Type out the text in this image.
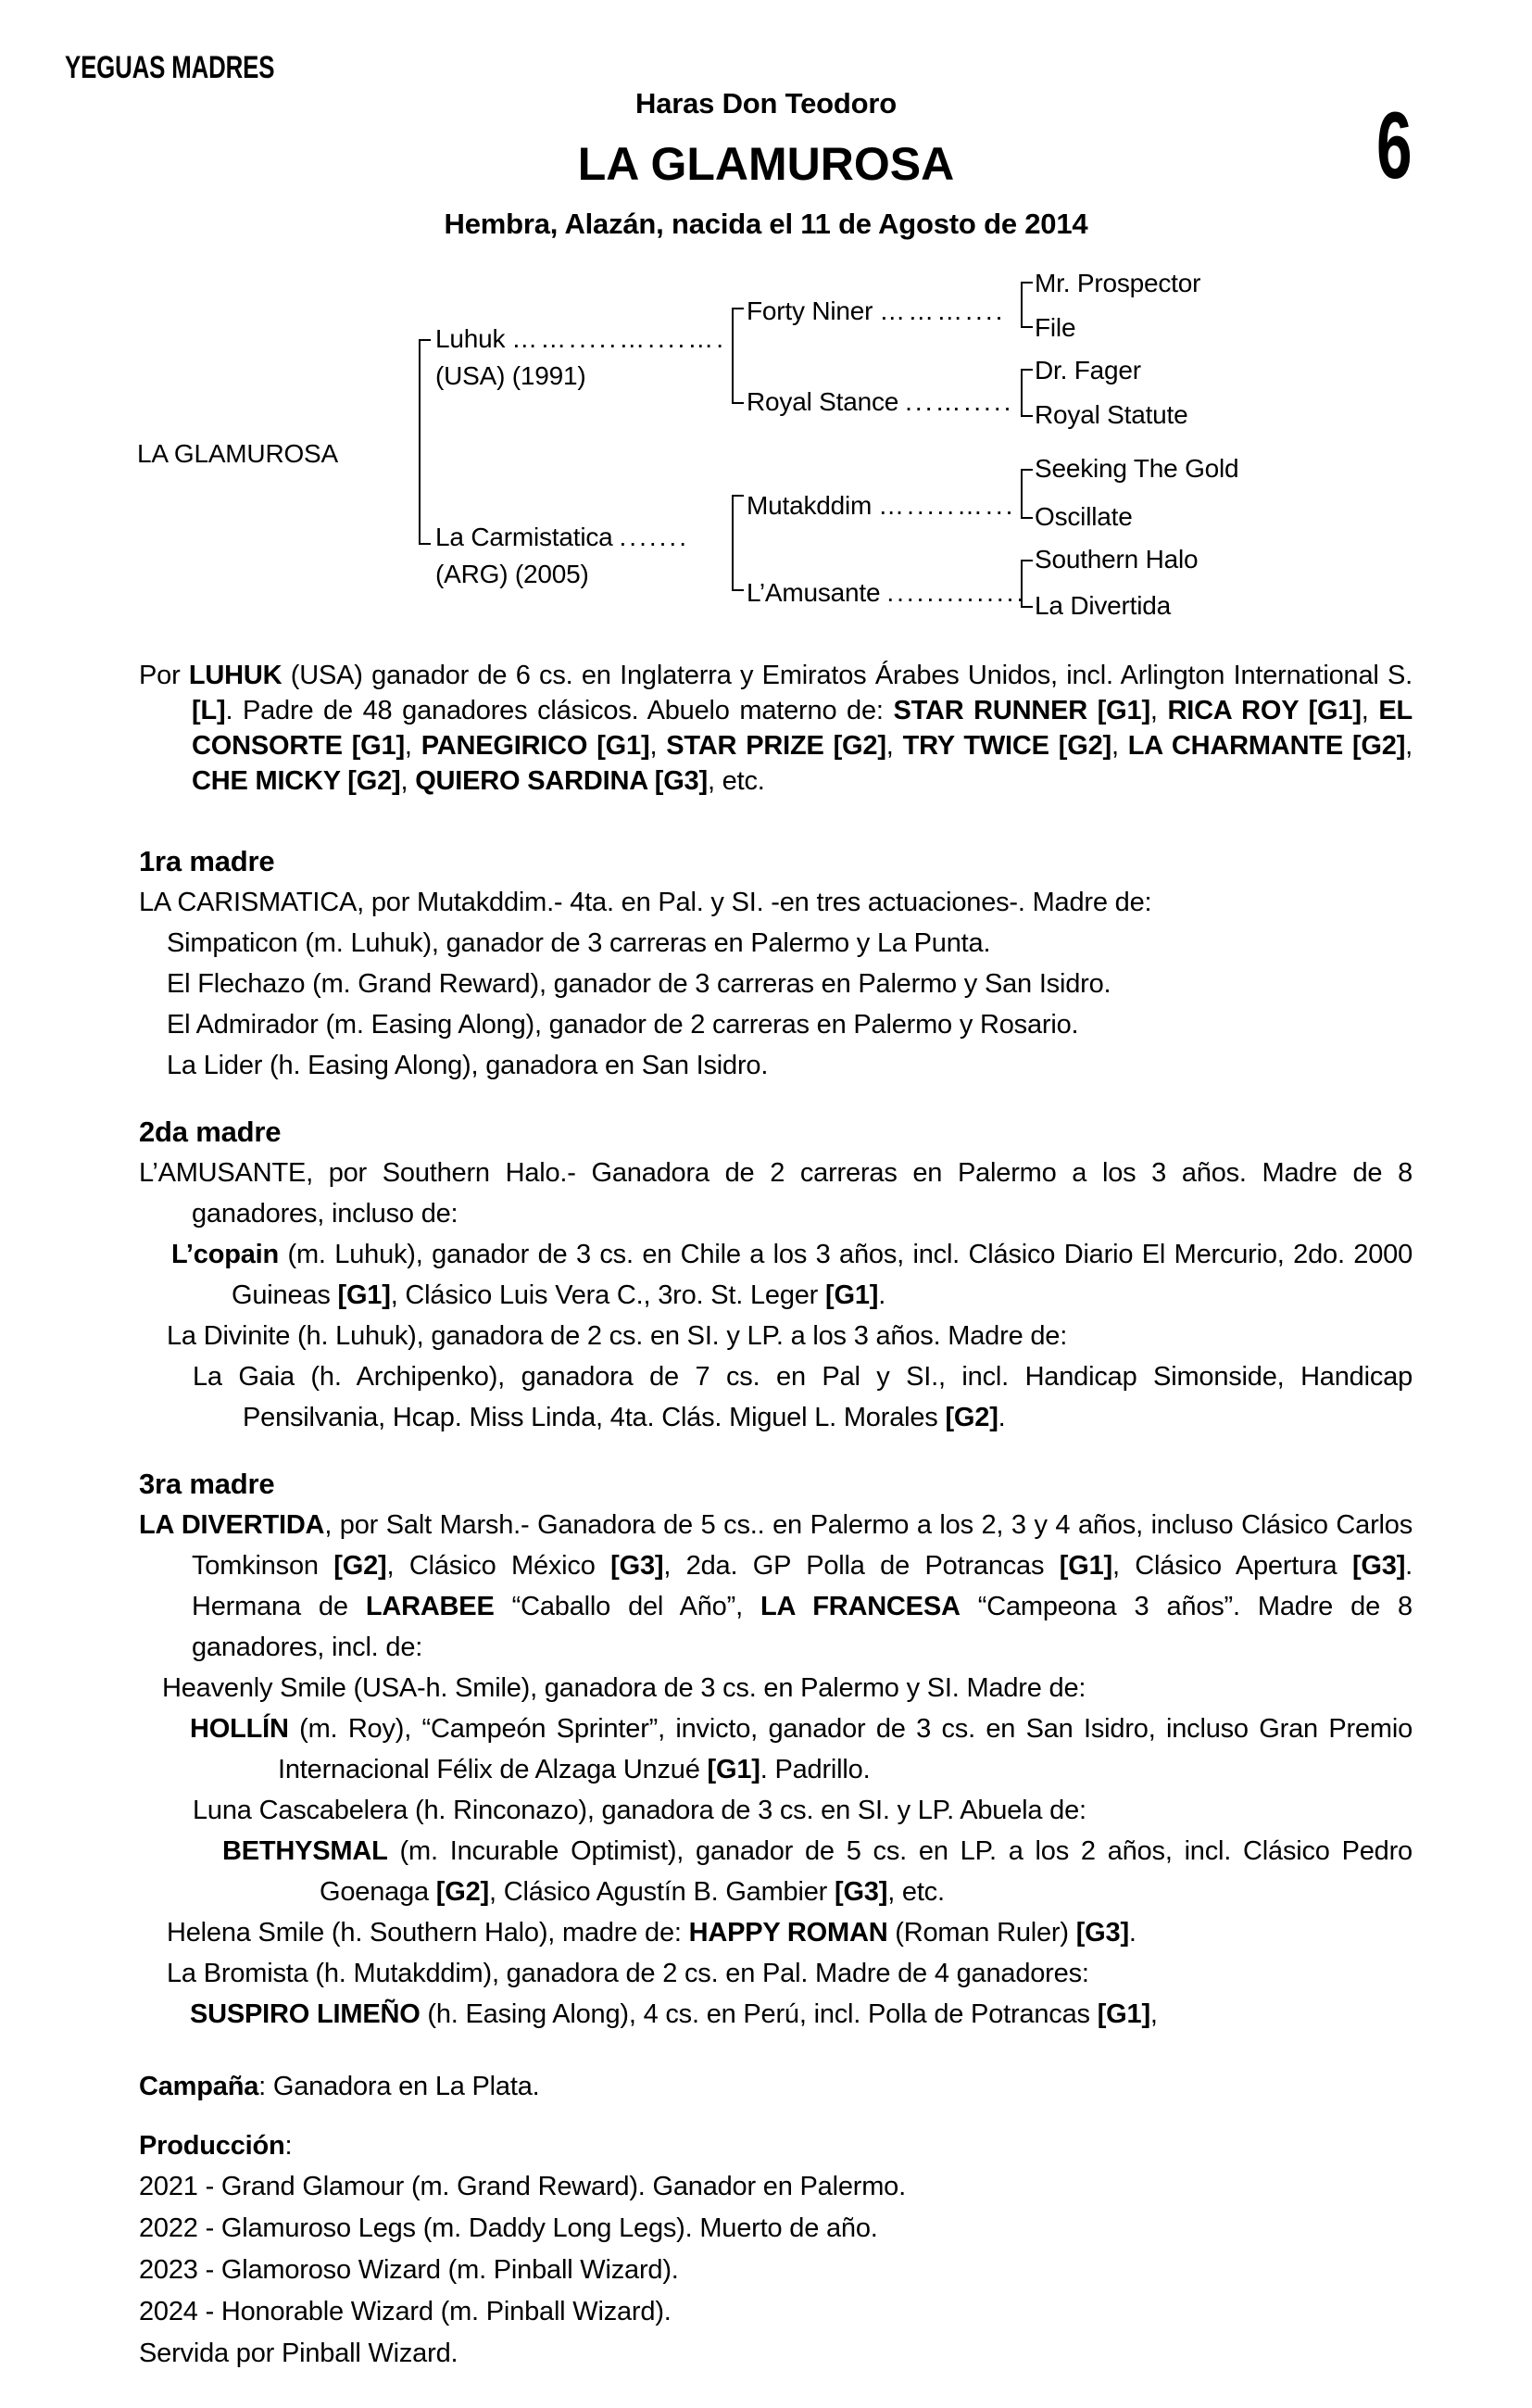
YEGUAS MADRES
Haras Don Teodoro
LA GLAMUROSA
Hembra, Alazán, nacida el 11 de Agosto de 2014
6
LA GLAMUROSA
Luhuk …….....…....….
(USA) (1991)
La Carmistatica .......
(ARG) (2005)
Forty Niner ………....
Royal Stance ...….....
Mutakddim ….....…...
L’Amusante ..............
Mr. Prospector
File
Dr. Fager
Royal Statute
Seeking The Gold
Oscillate
Southern Halo
La Divertida

Por LUHUK (USA) ganador de 6 cs. en Inglaterra y Emiratos Árabes Unidos, incl. Arlington International S. [L]. Padre de 48 ganadores clásicos. Abuelo materno de: STAR RUNNER [G1], RICA ROY [G1], EL CONSORTE [G1], PANEGIRICO [G1], STAR PRIZE [G2], TRY TWICE [G2], LA CHARMANTE [G2], CHE MICKY [G2], QUIERO SARDINA [G3], etc.

1ra madre
LA CARISMATICA, por Mutakddim.- 4ta. en Pal. y SI. -en tres actuaciones-. Madre de:
Simpaticon (m. Luhuk), ganador de 3 carreras en Palermo y La Punta.
El Flechazo (m. Grand Reward), ganador de 3 carreras en Palermo y San Isidro.
El Admirador (m. Easing Along), ganador de 2 carreras en Palermo y Rosario.
La Lider (h. Easing Along), ganadora en San Isidro.
2da madre
L’AMUSANTE, por Southern Halo.- Ganadora de 2 carreras en Palermo a los 3 años. Madre de 8 ganadores, incluso de:
L’copain (m. Luhuk), ganador de 3 cs. en Chile a los 3 años, incl. Clásico Diario El Mercurio, 2do. 2000 Guineas [G1], Clásico Luis Vera C., 3ro. St. Leger [G1].
La Divinite (h. Luhuk), ganadora de 2 cs. en SI. y LP. a los 3 años. Madre de:
La Gaia (h. Archipenko), ganadora de 7 cs. en Pal y SI., incl. Handicap Simonside, Handicap Pensilvania, Hcap. Miss Linda, 4ta. Clás. Miguel L. Morales [G2].
3ra madre
LA DIVERTIDA, por Salt Marsh.- Ganadora de 5 cs.. en Palermo a los 2, 3 y 4 años, incluso Clásico Carlos Tomkinson [G2], Clásico México [G3], 2da. GP Polla de Potrancas [G1], Clásico Apertura [G3]. Hermana de LARABEE “Caballo del Año”, LA FRANCESA “Campeona 3 años”. Madre de 8 ganadores, incl. de:
Heavenly Smile (USA-h. Smile), ganadora de 3 cs. en Palermo y SI. Madre de:
HOLLÍN (m. Roy), “Campeón Sprinter”, invicto, ganador de 3 cs. en San Isidro, incluso Gran Premio Internacional Félix de Alzaga Unzué [G1]. Padrillo.
Luna Cascabelera (h. Rinconazo), ganadora de 3 cs. en SI. y LP. Abuela de:
BETHYSMAL (m. Incurable Optimist), ganador de 5 cs. en LP. a los 2 años, incl. Clásico Pedro Goenaga [G2], Clásico Agustín B. Gambier [G3], etc.
Helena Smile (h. Southern Halo), madre de: HAPPY ROMAN (Roman Ruler) [G3].
La Bromista (h. Mutakddim), ganadora de 2 cs. en Pal. Madre de 4 ganadores:
SUSPIRO LIMEÑO (h. Easing Along), 4 cs. en Perú, incl. Polla de Potrancas [G1],
Campaña: Ganadora en La Plata.
Producción:
2021 - Grand Glamour (m. Grand Reward). Ganador en Palermo.
2022 - Glamuroso Legs (m. Daddy Long Legs). Muerto de año.
2023 - Glamoroso Wizard (m. Pinball Wizard).
2024 - Honorable Wizard (m. Pinball Wizard).
Servida por Pinball Wizard.
